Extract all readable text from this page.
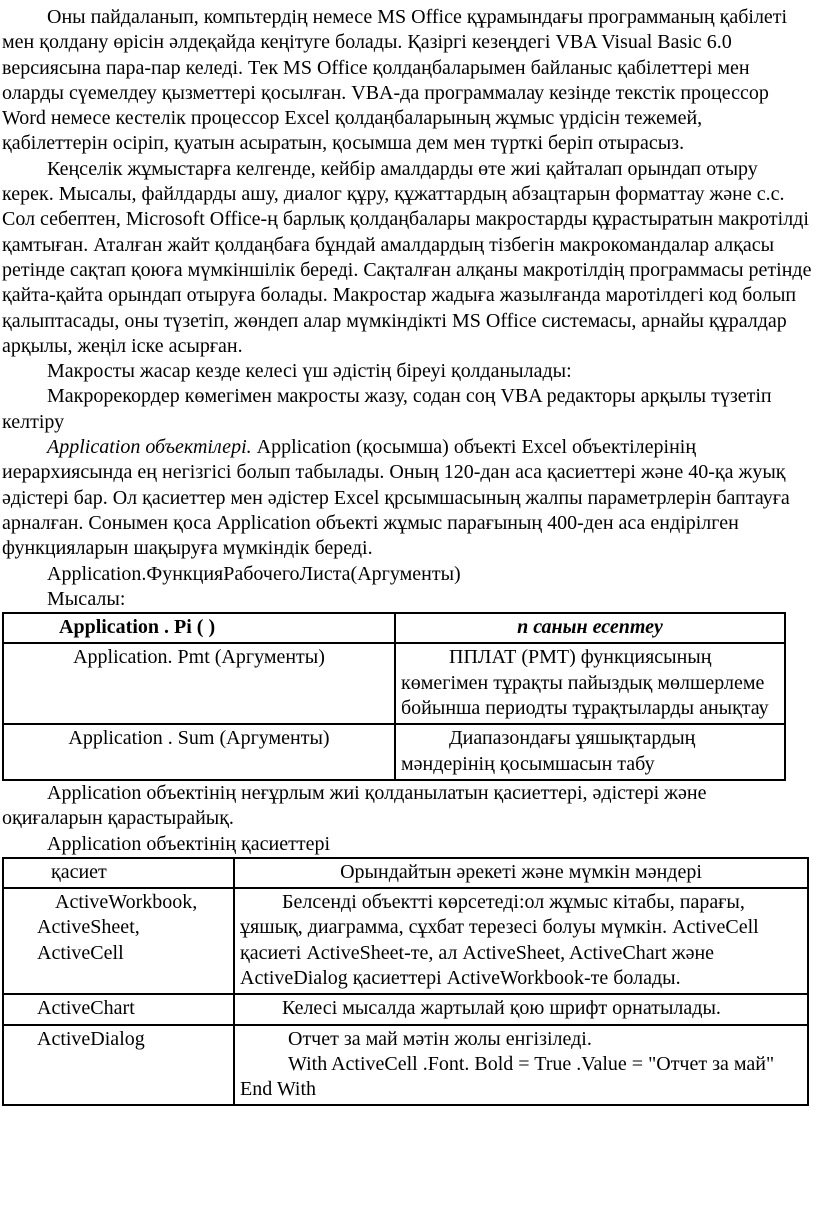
Оны пайдаланып, компьтердің немесе MS Office құрамындағы программаның қабілеті мен қолдану өрісін әлдеқайда кеңітуге болады. Қазіргі кезеңдегі VBA Visual Basic 6.0 версиясына пара-пар келеді. Тек MS Office қолдаңбаларымен байланыс қабілеттері мен оларды сүемелдеу қызметтері қосылған. VBA-да программалау кезінде текстік процессор Word немесе кестелік процессор Excel қолдаңбаларының жұмыс үрдісін тежемей, қабілеттерін осіріп, қуатын асыратын, қосымша дем мен түрткі беріп отырасыз.

Кеңселік жұмыстарға келгенде, кейбір амалдарды өте жиі қайталап орындап отыру керек. Мысалы, файлдарды ашу, диалог құру, құжаттардың абзацтарын форматтау және с.с. Сол себептен, Microsoft Office-ң барлық қолдаңбалары макростарды құрастыратын макротілді қамтыған. Аталған жайт қолдаңбаға бұндай амалдардың тізбегін макрокомандалар алқасы ретінде сақтап қоюға мүмкіншілік береді. Сақталған алқаны макротілдің программасы ретінде қайта-қайта орындап отыруға болады. Макростар жадыға жазылғанда маротілдегі код болып қалыптасады, оны түзетіп, жөндеп алар мүмкіндікті MS Office системасы, арнайы құралдар арқылы, жеңіл іске асырған.

Макросты жасар кезде келесі үш әдістің біреуі қолданылады:

Макрорекордер көмегімен макросты жазу, содан соң VBA редакторы арқылы түзетіп келтіру

Application объектілері. Application (қосымша) объекті Excel объектілерінің иерархиясында ең негізгісі болып табылады. Оның 120-дан аса қасиеттері және 40-қа жуық әдістері бар. Ол қасиеттер мен әдістер Excel қрсымшасының жалпы параметрлерін баптауға арналған. Сонымен қоса Application объекті жұмыс парағының 400-ден аса ендірілген функцияларын шақыруға мүмкіндік береді.

Application.ФункцияРабочегоЛиста(Аргументы)

Мысалы:

Application . Pi ( )	п санын есептеу
Application. Pmt (Аргументы)	ППЛАТ (РМТ) функциясының көмегімен тұрақты пайыздық мөлшерлеме бойынша периодты тұрақтыларды анықтау
Application . Sum (Аргументы)	Диапазондағы ұяшықтардың мәндерінің қосымшасын табу

Application объектінің неғұрлым жиі қолданылатын қасиеттері, әдістері және оқиғаларын қарастырайық.

Application объектінің қасиеттері

қасиет	Орындайтын әрекеті және мүмкін мәндері
ActiveWorkbook, ActiveSheet, ActiveCell	Белсенді объектті көрсетеді:ол жұмыс кітабы, парағы, ұяшық, диаграмма, сұхбат терезесі болуы мүмкін. ActiveCell қасиеті ActiveSheet-те, ал ActiveSheet, ActiveChart және ActiveDialog қасиеттері ActiveWorkbook-те болады.
ActiveChart	Келесі мысалда жартылай қою шрифт орнатылады.
ActiveDialog	Отчет за май мәтін жолы енгізіледі.

With ActiveCell .Font. Bold = True .Value = "Отчет за май" End With
